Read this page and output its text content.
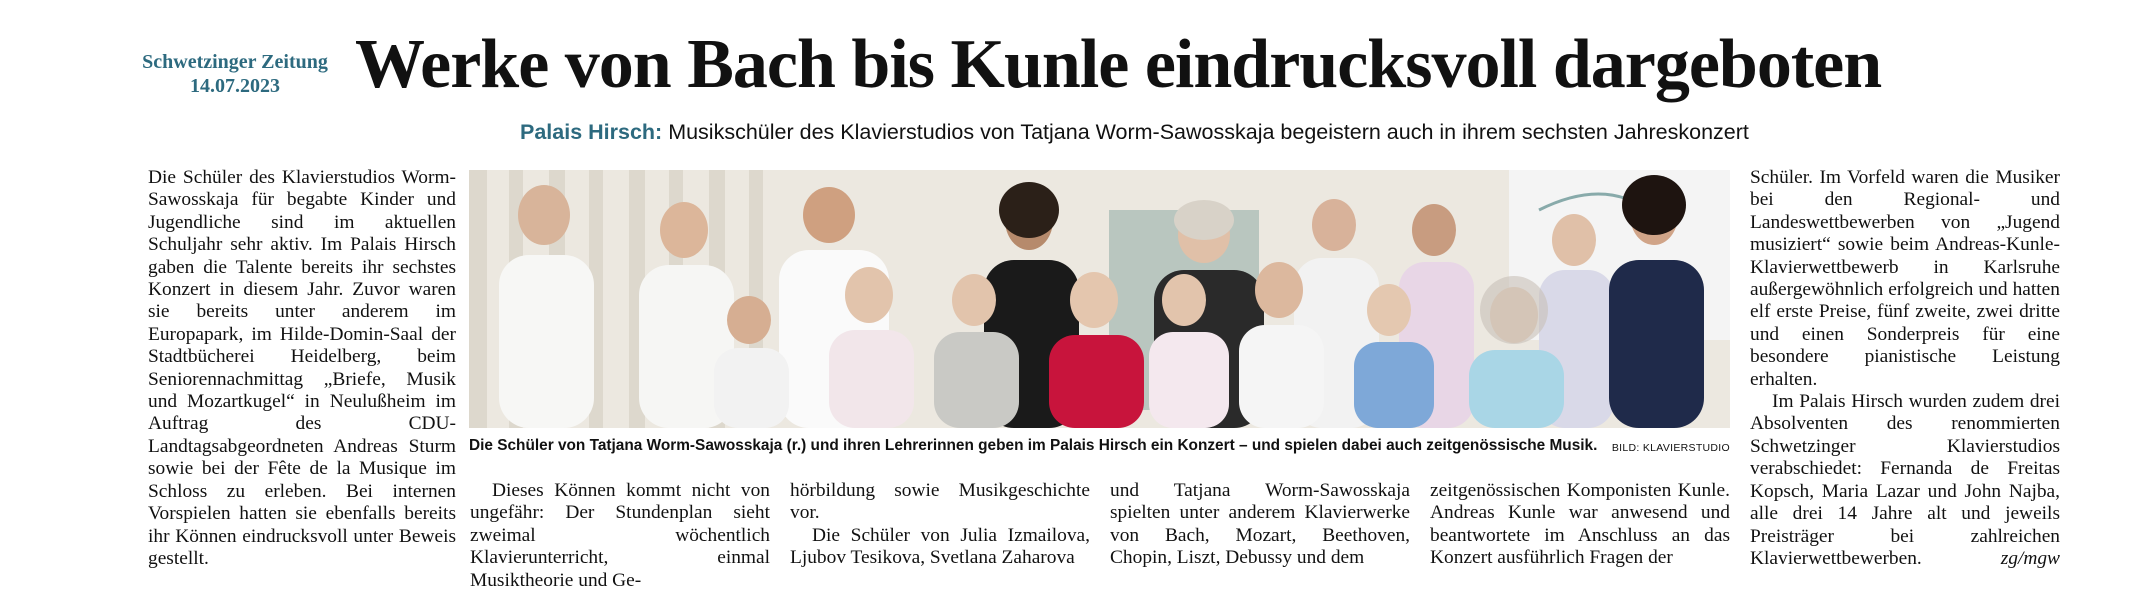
Schwetzinger Zeitung
14.07.2023	Werke von Bach bis Kunle eindrucksvoll dargeboten
Palais Hirsch: Musikschüler des Klavierstudios von Tatjana Worm-Sawosskaja begeistern auch in ihrem sechsten Jahreskonzert

Die Schüler des Klavierstudios Worm-Sawosskaja für begabte Kinder und Jugendliche sind im aktuellen Schuljahr sehr aktiv. Im Palais Hirsch gaben die Talente bereits ihr sechstes Konzert in diesem Jahr. Zuvor waren sie bereits unter anderem im Europapark, im Hilde-Domin-Saal der Stadtbücherei Heidelberg, beim Seniorennachmittag „Briefe, Musik und Mozartkugel“ in Neulußheim im Auftrag des CDU-Landtagsabgeordneten Andreas Sturm sowie bei der Fête de la Musique im Schloss zu erleben. Bei internen Vorspielen hatten sie ebenfalls bereits ihr Können eindrucksvoll unter Beweis gestellt.

Die Schüler von Tatjana Worm-Sawosskaja (r.) und ihren Lehrerinnen geben im Palais Hirsch ein Konzert – und spielen dabei auch zeitgenössische Musik. BILD: KLAVIERSTUDIO

Dieses Können kommt nicht von ungefähr: Der Stundenplan sieht zweimal wöchentlich Klavierunterricht, einmal Musiktheorie und Ge-

hörbildung sowie Musikgeschichte vor.

Die Schüler von Julia Izmailova, Ljubov Tesikova, Svetlana Zaharova

und Tatjana Worm-Sawosskaja spielten unter anderem Klavierwerke von Bach, Mozart, Beethoven, Chopin, Liszt, Debussy und dem

zeitgenössischen Komponisten Kunle. Andreas Kunle war anwesend und beantwortete im Anschluss an das Konzert ausführlich Fragen der

Schüler. Im Vorfeld waren die Musiker bei den Regional- und Landeswettbewerben von „Jugend musiziert“ sowie beim Andreas-Kunle-Klavierwettbewerb in Karlsruhe außergewöhnlich erfolgreich und hatten elf erste Preise, fünf zweite, zwei dritte und einen Sonderpreis für eine besondere pianistische Leistung erhalten.

Im Palais Hirsch wurden zudem drei Absolventen des renommierten Schwetzinger Klavierstudios verabschiedet: Fernanda de Freitas Kopsch, Maria Lazar und John Najba, alle drei 14 Jahre alt und jeweils Preisträger bei zahlreichen Klavierwettbewerben.	zg/mgw
